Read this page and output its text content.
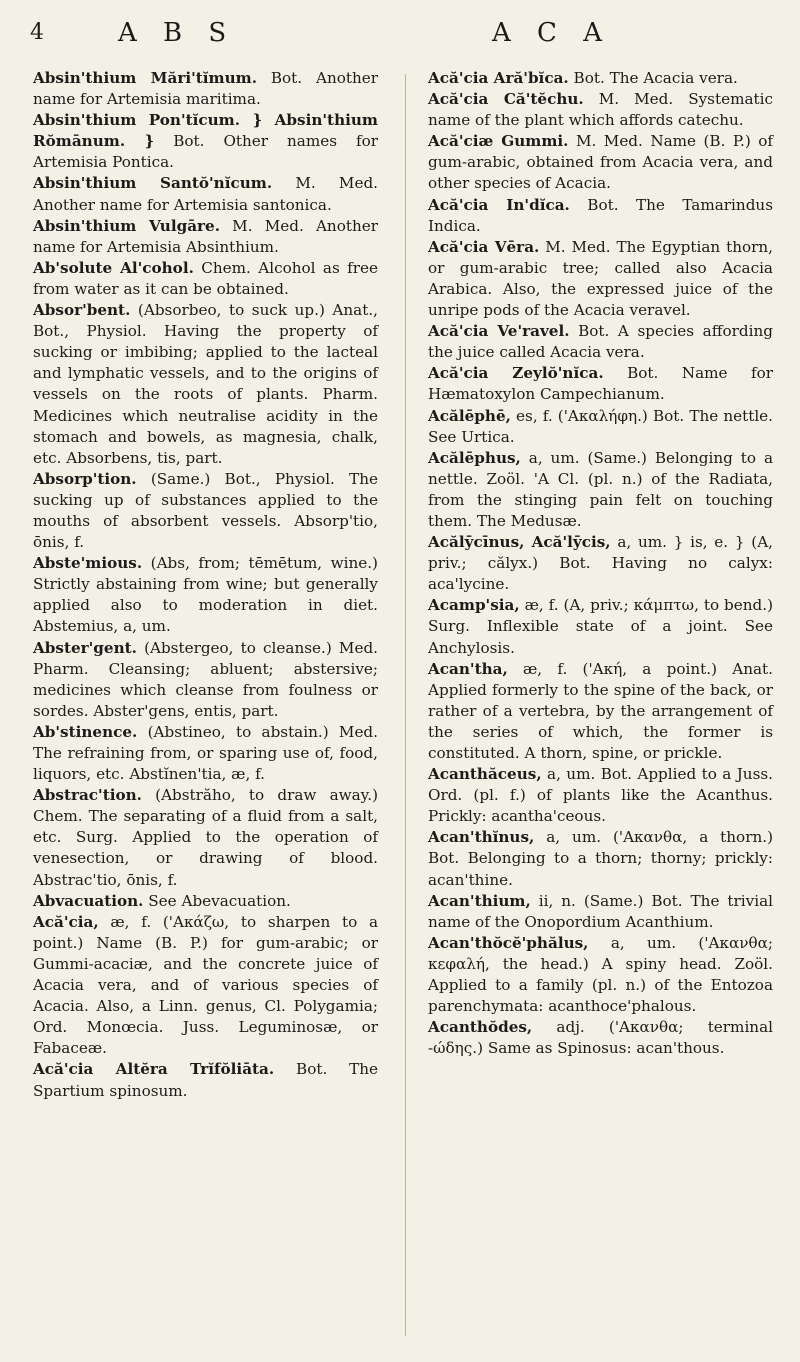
4	A B S	A C A

Absin'thium Mări'tĭmum. Bot. Another name for Artemisia maritima.

Absin'thium Pon'tĭcum. } Absin'thium Rŏmānum. } Bot. Other names for Artemisia Pontica.

Absin'thium Santŏ'nĭcum. M. Med. Another name for Artemisia santonica.

Absin'thium Vulgāre. M. Med. Another name for Artemisia Absinthium.

Ab'solute Al'cohol. Chem. Alcohol as free from water as it can be obtained.

Absor'bent. (Absorbeo, to suck up.) Anat., Bot., Physiol. Having the property of sucking or imbibing; applied to the lacteal and lymphatic vessels, and to the origins of vessels on the roots of plants. Pharm. Medicines which neutralise acidity in the stomach and bowels, as magnesia, chalk, etc. Absorbens, tis, part.

Absorp'tion. (Same.) Bot., Physiol. The sucking up of substances applied to the mouths of absorbent vessels. Absorp'tio, ōnis, f.

Abste'mious. (Abs, from; tēmētum, wine.) Strictly abstaining from wine; but generally applied also to moderation in diet. Abstemius, a, um.

Abster'gent. (Abstergeo, to cleanse.) Med. Pharm. Cleansing; abluent; abstersive; medicines which cleanse from foulness or sordes. Abster'gens, entis, part.

Ab'stinence. (Abstineo, to abstain.) Med. The refraining from, or sparing use of, food, liquors, etc. Abstĭnen'tia, æ, f.

Abstrac'tion. (Abstrăho, to draw away.) Chem. The separating of a fluid from a salt, etc. Surg. Applied to the operation of venesection, or drawing of blood. Abstrac'tio, ōnis, f.

Abvacuation. See Abevacuation.

Acă'cia, æ, f. ('Ακάζω, to sharpen to a point.) Name (B. P.) for gum-arabic; or Gummi-acaciæ, and the concrete juice of Acacia vera, and of various species of Acacia. Also, a Linn. genus, Cl. Polygamia; Ord. Monœcia. Juss. Leguminosæ, or Fabaceæ.

Acă'cia Altĕra Trĭfŏliāta. Bot. The Spartium spinosum.

Acă'cia Ară'bĭca. Bot. The Acacia vera.

Acă'cia Că'tĕchu. M. Med. Systematic name of the plant which affords catechu.

Acă'ciæ Gummi. M. Med. Name (B. P.) of gum-arabic, obtained from Acacia vera, and other species of Acacia.

Acă'cia In'dĭca. Bot. The Tamarindus Indica.

Acă'cia Vēra. M. Med. The Egyptian thorn, or gum-arabic tree; called also Acacia Arabica. Also, the expressed juice of the unripe pods of the Acacia veravel.

Acă'cia Ve'ravel. Bot. A species affording the juice called Acacia vera.

Acă'cia Zeylŏ'nĭca. Bot. Name for Hæmatoxylon Campechianum.

Acălēphē, es, f. ('Ακαλήφη.) Bot. The nettle. See Urtica.

Acălēphus, a, um. (Same.) Belonging to a nettle. Zoöl. 'A Cl. (pl. n.) of the Radiata, from the stinging pain felt on touching them. The Medusæ.

Acălȳcīnus, Acă'lȳcis, a, um. } is, e. } (A, priv.; călyx.) Bot. Having no calyx: aca'lycine.

Acamp'sia, æ, f. (A, priv.; κάμπτω, to bend.) Surg. Inflexible state of a joint. See Anchylosis.

Acan'tha, æ, f. ('Ακή, a point.) Anat. Applied formerly to the spine of the back, or rather of a vertebra, by the arrangement of the series of which, the former is constituted. A thorn, spine, or prickle.

Acanthăceus, a, um. Bot. Applied to a Juss. Ord. (pl. f.) of plants like the Acanthus. Prickly: acantha'ceous.

Acan'thĭnus, a, um. ('Ακανθα, a thorn.) Bot. Belonging to a thorn; thorny; prickly: acan'thine.

Acan'thium, ii, n. (Same.) Bot. The trivial name of the Onopordium Acanthium.

Acan'thŏcĕ'phălus, a, um. ('Ακανθα; κεφαλή, the head.) A spiny head. Zoöl. Applied to a family (pl. n.) of the Entozoa parenchymata: acanthoce'phalous.

Acanthŏdes, adj. ('Ακανθα; terminal -ώδης.) Same as Spinosus: acan'thous.
